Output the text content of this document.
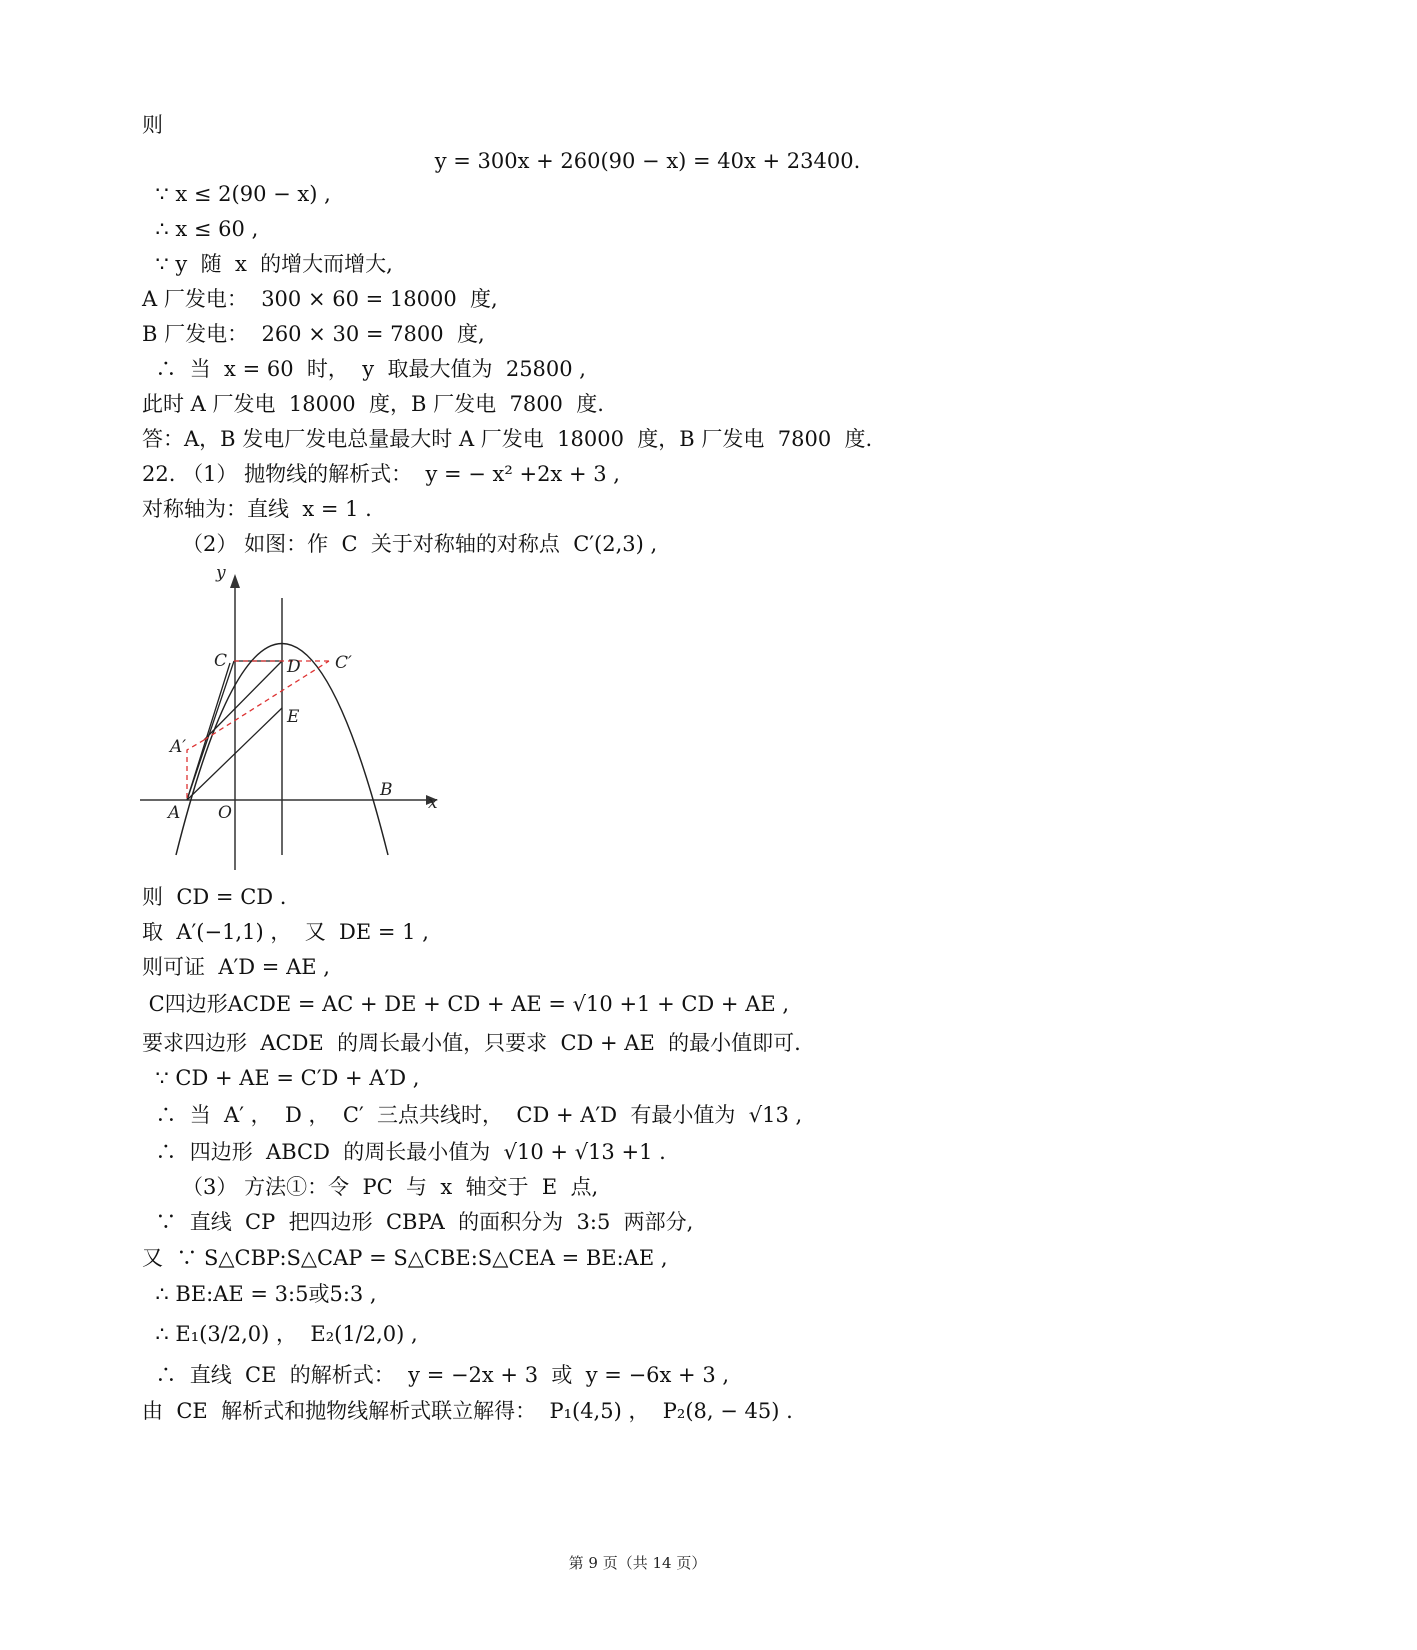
则
y = 300x + 260(90 − x) = 40x + 23400.
∵ x ≤ 2(90 − x) ,
∴ x ≤ 60 ,
∵ y  随  x  的增大而增大,
A 厂发电：  300 × 60 = 18000  度,
B 厂发电：  260 × 30 = 7800  度,
∴  当  x = 60  时，  y  取最大值为  25800 ,
此时 A 厂发电  18000  度，B 厂发电  7800  度.
答：A，B 发电厂发电总量最大时 A 厂发电  18000  度，B 厂发电  7800  度.
22. （1） 抛物线的解析式：  y = − x² +2x + 3 ,
对称轴为：直线  x = 1 .
（2） 如图：作  C  关于对称轴的对称点  C′(2,3) ,
y
x
O
A
B
C	C′
D
E
A′
则  CD = CD .
取  A′(−1,1) ，  又  DE = 1 ,
则可证  A′D = AE ,
C四边形ACDE = AC + DE + CD + AE = √10 +1 + CD + AE ,
要求四边形  ACDE  的周长最小值，只要求  CD + AE  的最小值即可.
∵ CD + AE = C′D + A′D ,
∴  当  A′ ，  D ，  C′  三点共线时，  CD + A′D  有最小值为  √13 ,
∴  四边形  ABCD  的周长最小值为  √10 + √13 +1 .
（3） 方法①：令  PC  与  x  轴交于  E  点,
∵  直线  CP  把四边形  CBPA  的面积分为  3:5  两部分,
又  ∵ S△CBP:S△CAP = S△CBE:S△CEA = BE:AE ,
∴ BE:AE = 3:5或5:3 ,
∴ E₁(3/2,0) ，  E₂(1/2,0) ,
∴  直线  CE  的解析式：  y = −2x + 3  或  y = −6x + 3 ,
由  CE  解析式和抛物线解析式联立解得：  P₁(4,5) ，  P₂(8, − 45) .
第 9 页（共 14 页）
